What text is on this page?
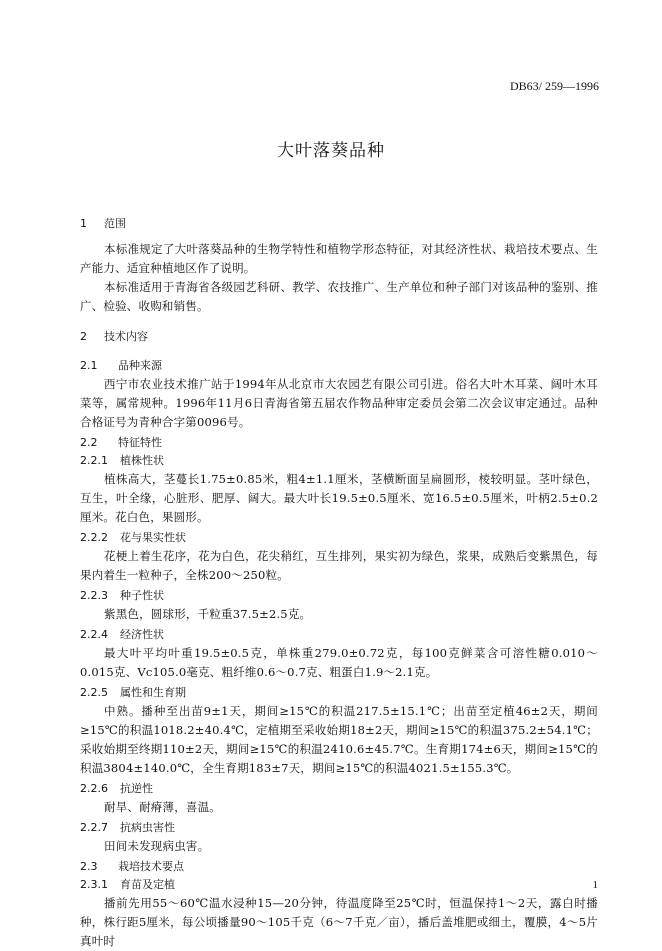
DB63/ 259—1996
大叶落葵品种
1 范围
本标准规定了大叶落葵品种的生物学特性和植物学形态特征，对其经济性状、栽培技术要点、生产能力、适宜种植地区作了说明。
本标准适用于青海省各级园艺科研、教学、农技推广、生产单位和种子部门对该品种的鉴别、推广、检验、收购和销售。
2 技术内容
2.1 品种来源
西宁市农业技术推广站于1994年从北京市大农园艺有限公司引进。俗名大叶木耳菜、阔叶木耳菜等，属常规种。1996年11月6日青海省第五届农作物品种审定委员会第二次会议审定通过。品种合格证号为青种合字第0096号。
2.2 特征特性
2.2.1 植株性状
植株高大，茎蔓长1.75±0.85米，粗4±1.1厘米，茎横断面呈扁圆形，棱较明显。茎叶绿色，互生，叶全缘，心脏形、肥厚、阔大。最大叶长19.5±0.5厘米、宽16.5±0.5厘米，叶柄2.5±0.2厘米。花白色，果圆形。
2.2.2 花与果实性状
花梗上着生花序，花为白色，花尖稍红，互生排列，果实初为绿色，浆果，成熟后变紫黑色，每果内着生一粒种子，全株200～250粒。
2.2.3 种子性状
紫黑色，圆球形，千粒重37.5±2.5克。
2.2.4 经济性状
最大叶平均叶重19.5±0.5克，单株重279.0±0.72克，每100克鲜菜含可溶性糖0.010～0.015克、Vc105.0毫克、粗纤维0.6～0.7克、粗蛋白1.9～2.1克。
2.2.5 属性和生育期
中熟。播种至出苗9±1天，期间≥15℃的积温217.5±15.1℃；出苗至定植46±2天，期间≥15℃的积温1018.2±40.4℃，定植期至采收始期18±2天，期间≥15℃的积温375.2±54.1℃；采收始期至终期110±2天，期间≥15℃的积温2410.6±45.7℃。生育期174±6天，期间≥15℃的积温3804±140.0℃，全生育期183±7天，期间≥15℃的积温4021.5±155.3℃。
2.2.6 抗逆性
耐旱、耐瘠薄，喜温。
2.2.7 抗病虫害性
田间未发现病虫害。
2.3 栽培技术要点
2.3.1 育苗及定植
播前先用55～60℃温水浸种15—20分钟，待温度降至25℃时，恒温保持1～2天，露白时播种，株行距5厘米，每公顷播量90～105千克（6～7千克／亩），播后盖堆肥或细土，覆膜，4～5片真叶时
1
